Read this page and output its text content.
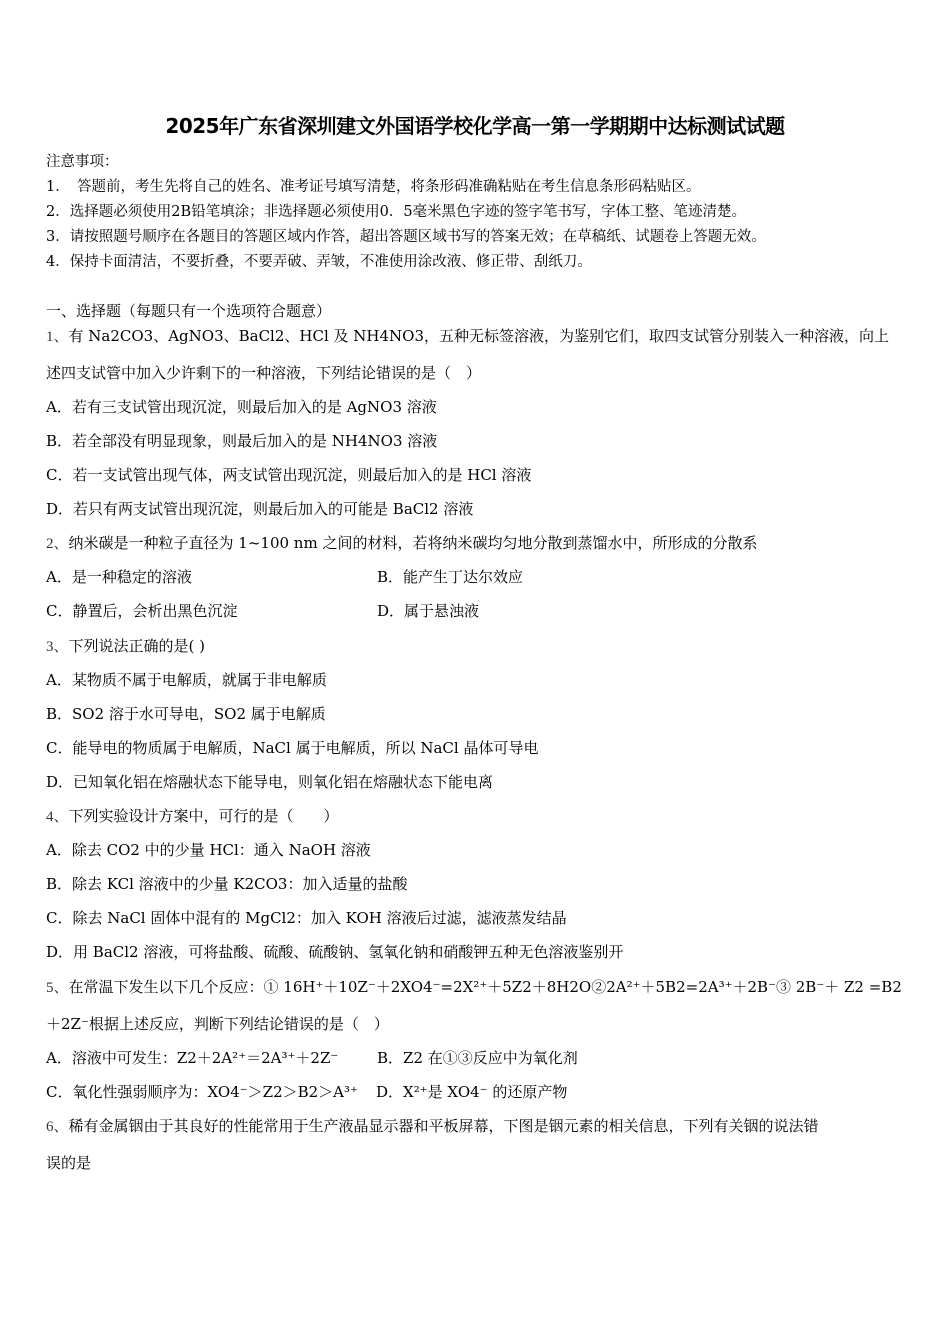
2025年广东省深圳建文外国语学校化学高一第一学期期中达标测试试题
注意事项：
1．　答题前，考生先将自己的姓名、准考证号填写清楚，将条形码准确粘贴在考生信息条形码粘贴区。
2．选择题必须使用2B铅笔填涂；非选择题必须使用0．5毫米黑色字迹的签字笔书写，字体工整、笔迹清楚。
3．请按照题号顺序在各题目的答题区域内作答，超出答题区域书写的答案无效；在草稿纸、试题卷上答题无效。
4．保持卡面清洁，不要折叠，不要弄破、弄皱，不准使用涂改液、修正带、刮纸刀。
一、选择题（每题只有一个选项符合题意）
1、有 Na2CO3、AgNO3、BaCl2、HCl 及 NH4NO3，五种无标签溶液，为鉴别它们，取四支试管分别装入一种溶液，向上
述四支试管中加入少许剩下的一种溶液，下列结论错误的是（　）
A．若有三支试管出现沉淀，则最后加入的是 AgNO3 溶液
B．若全部没有明显现象，则最后加入的是 NH4NO3 溶液
C．若一支试管出现气体，两支试管出现沉淀，则最后加入的是 HCl 溶液
D．若只有两支试管出现沉淀，则最后加入的可能是 BaCl2 溶液
2、纳米碳是一种粒子直径为 1~100 nm 之间的材料，若将纳米碳均匀地分散到蒸馏水中，所形成的分散系
A．是一种稳定的溶液	B．能产生丁达尔效应
C．静置后，会析出黑色沉淀	D．属于悬浊液
3、下列说法正确的是( )
A．某物质不属于电解质，就属于非电解质
B．SO2 溶于水可导电，SO2 属于电解质
C．能导电的物质属于电解质，NaCl 属于电解质，所以 NaCl 晶体可导电
D．已知氧化铝在熔融状态下能导电，则氧化铝在熔融状态下能电离
4、下列实验设计方案中，可行的是（　　）
A．除去 CO2 中的少量 HCl：通入 NaOH 溶液
B．除去 KCl 溶液中的少量 K2CO3：加入适量的盐酸
C．除去 NaCl 固体中混有的 MgCl2：加入 KOH 溶液后过滤，滤液蒸发结晶
D．用 BaCl2 溶液，可将盐酸、硫酸、硫酸钠、氢氧化钠和硝酸钾五种无色溶液鉴别开
5、在常温下发生以下几个反应：① 16H⁺＋10Z⁻＋2XO4⁻=2X²⁺＋5Z2＋8H2O②2A²⁺＋5B2=2A³⁺＋2B⁻③ 2B⁻＋ Z2 =B2
＋2Z⁻根据上述反应，判断下列结论错误的是（　）
A．溶液中可发生：Z2＋2A²⁺＝2A³⁺＋2Z⁻	B．Z2 在①③反应中为氧化剂
C．氧化性强弱顺序为：XO4⁻＞Z2＞B2＞A³⁺ D．X²⁺是 XO4⁻ 的还原产物
6、稀有金属铟由于其良好的性能常用于生产液晶显示器和平板屏幕，下图是铟元素的相关信息，下列有关铟的说法错
误的是
